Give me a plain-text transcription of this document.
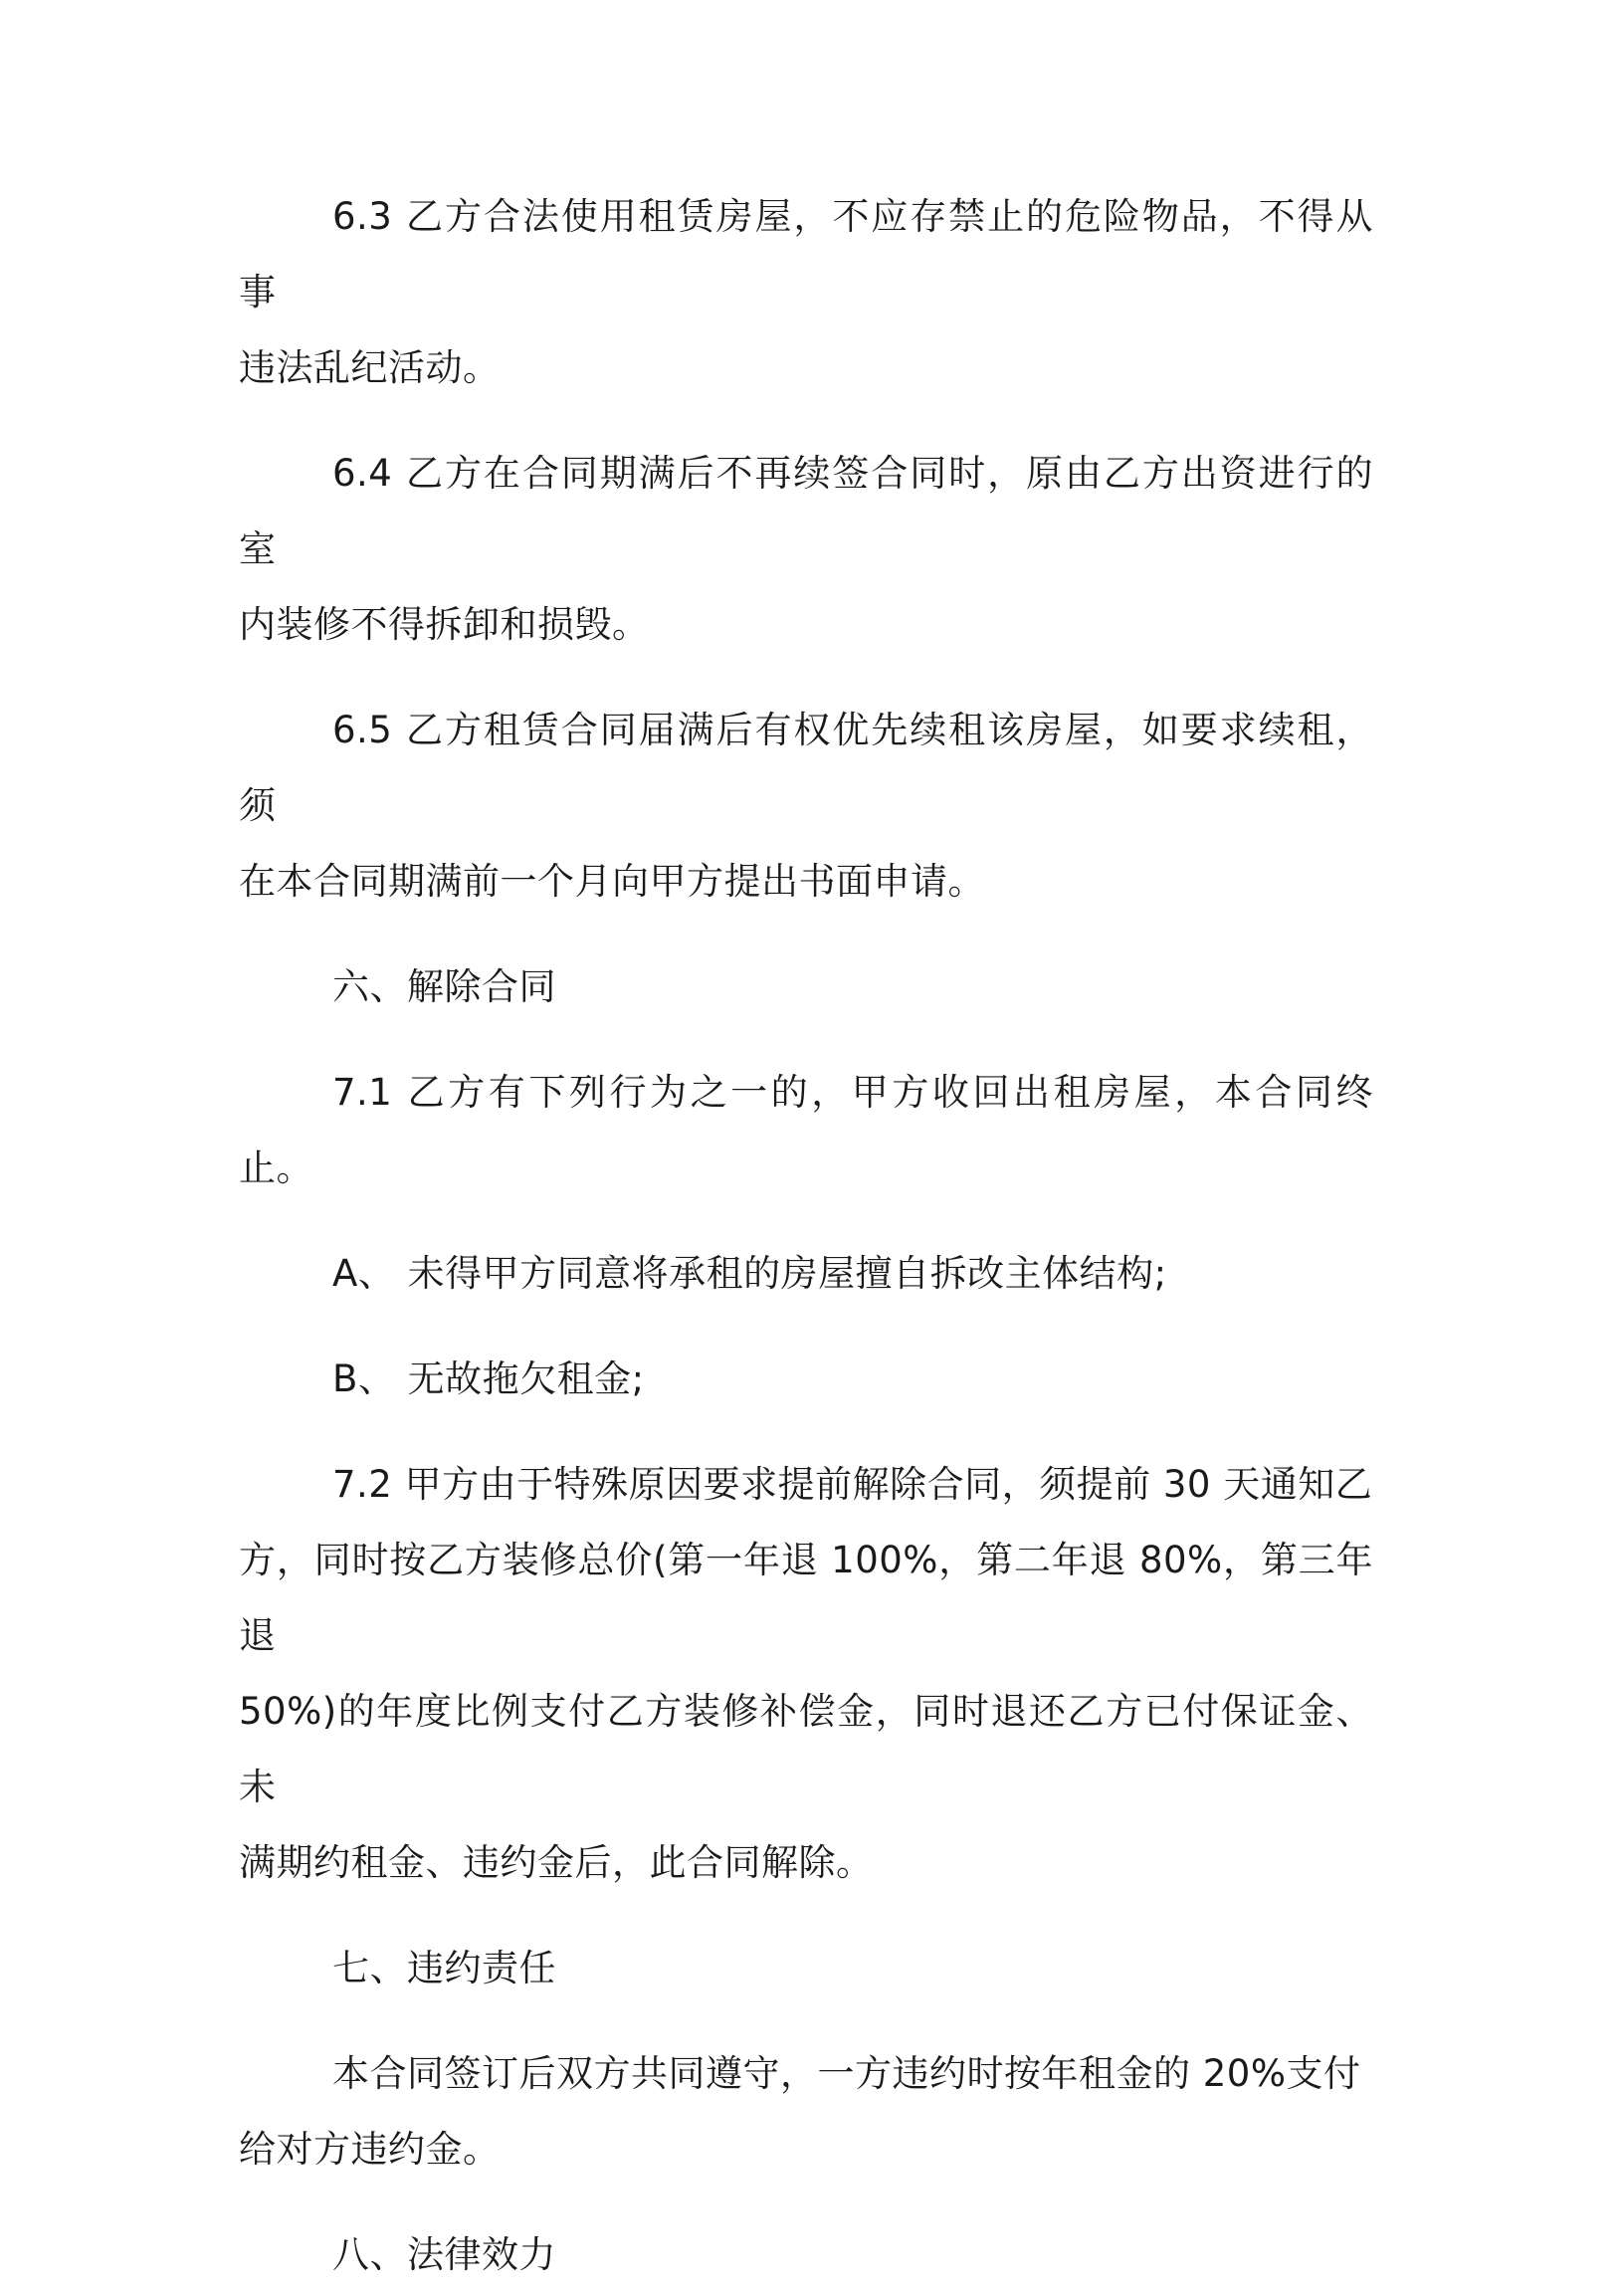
6.3 乙方合法使用租赁房屋，不应存禁止的危险物品，不得从事
违法乱纪活动。

6.4 乙方在合同期满后不再续签合同时，原由乙方出资进行的室
内装修不得拆卸和损毁。

6.5 乙方租赁合同届满后有权优先续租该房屋，如要求续租，须
在本合同期满前一个月向甲方提出书面申请。

六、解除合同

7.1 乙方有下列行为之一的，甲方收回出租房屋，本合同终止。

A、 未得甲方同意将承租的房屋擅自拆改主体结构;

B、 无故拖欠租金;

7.2 甲方由于特殊原因要求提前解除合同，须提前 30 天通知乙
方，同时按乙方装修总价(第一年退 100%，第二年退 80%，第三年退
50%)的年度比例支付乙方装修补偿金，同时退还乙方已付保证金、未
满期约租金、违约金后，此合同解除。

七、违约责任

本合同签订后双方共同遵守，一方违约时按年租金的 20%支付
给对方违约金。

八、法律效力
